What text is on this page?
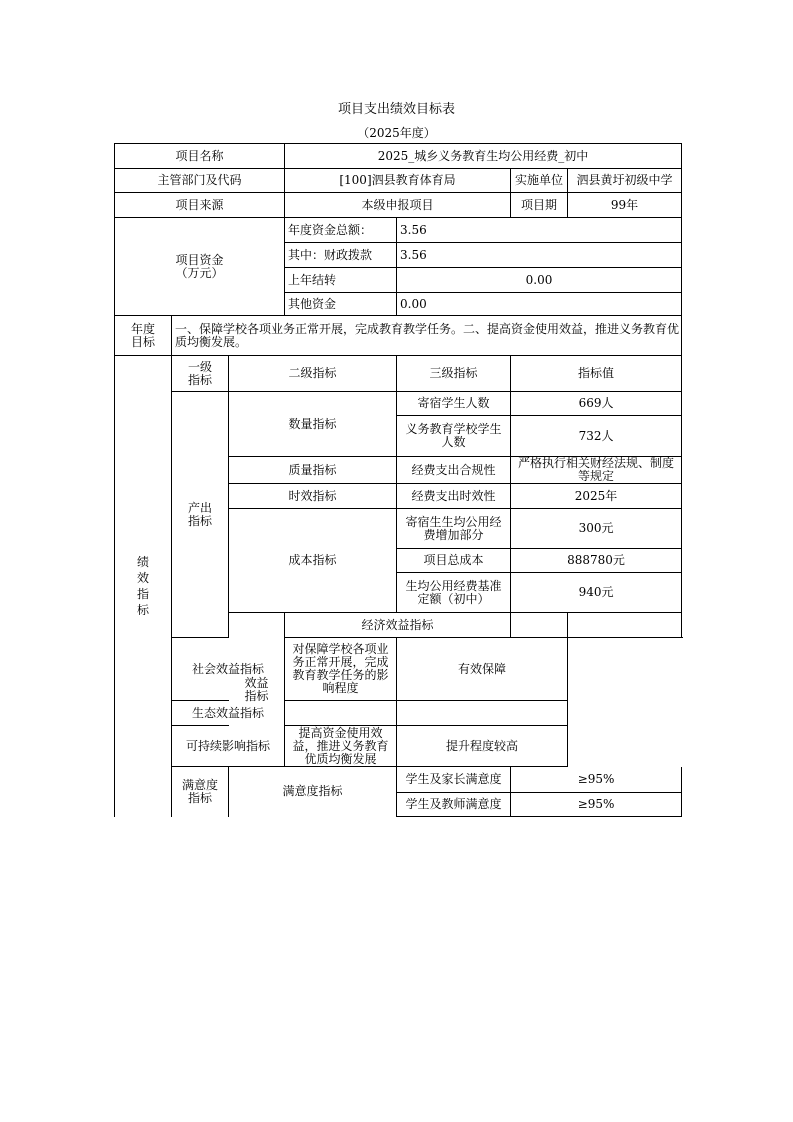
项目支出绩效目标表
（2025年度）
项目名称			2025_城乡义务教育生均公用经费_初中			
主管部门及代码			[100]泗县教育体育局		实施单位	泗县黄圩初级中学
项目来源			本级申报项目		项目期	99年

项目资金
（万元）			年度资金总额：	3.56		
			其中：财政拨款	3.56		
			上年结转	0.00		
			其他资金	0.00		

年度
目标	一、保障学校各项业务正常开展，完成教育教学任务。二、提高资金使用效益，推进义务教育优质均衡发展。					

绩效指标	一级指标	二级指标		三级指标	指标值	

	产出指标	数量指标		寄宿学生人数	669人	

				义务教育学校学生人数	732人	
		质量指标		经费支出合规性	严格执行相关财经法规、制度等规定	
		时效指标		经费支出时效性	2025年	
		成本指标		寄宿生生均公用经费增加部分	300元	
				项目总成本	888780元	

				生均公用经费基准定额（初中）	940元	

		效益指标	经济效益指标			
	社会效益指标		对保障学校各项业务正常开展，完成教育教学任务的影响程度	有效保障		
	生态效益指标					
	可持续影响指标		提高资金使用效益，推进义务教育优质均衡发展	提升程度较高		

	满意度指标	满意度指标		学生及家长满意度	≥95%	
				学生及教师满意度	≥95%	
